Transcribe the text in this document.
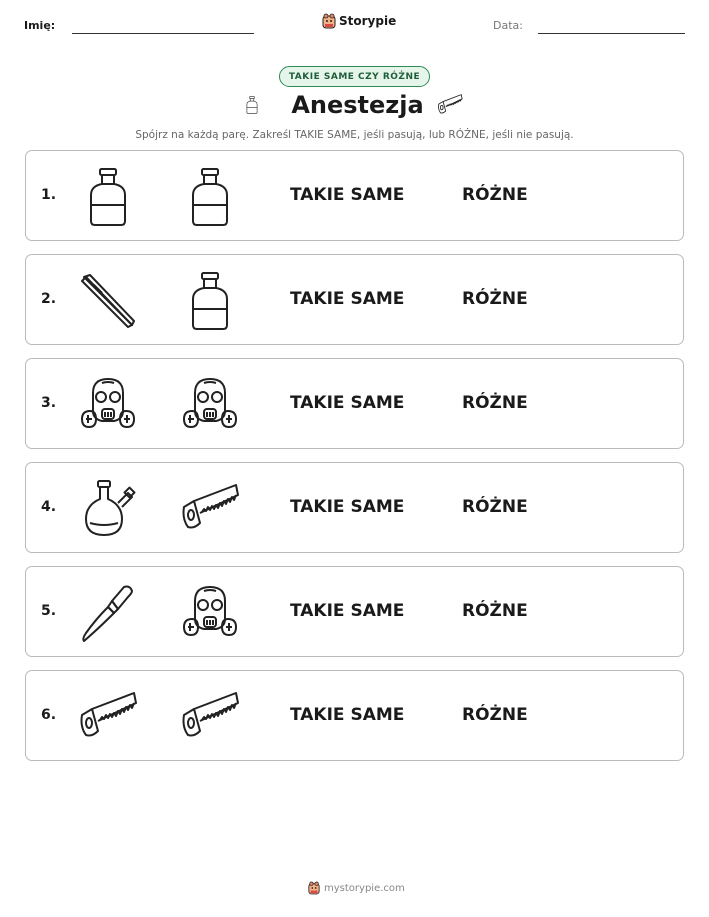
Imię:	Storypie	Data:
TAKIE SAME CZY RÓŻNE
Anestezja
Spójrz na każdą parę. Zakreśl TAKIE SAME, jeśli pasują, lub RÓŻNE, jeśli nie pasują.
1.	TAKIE SAME	RÓŻNE
2.	TAKIE SAME	RÓŻNE
3.	TAKIE SAME	RÓŻNE
4.	TAKIE SAME	RÓŻNE
5.	TAKIE SAME	RÓŻNE
6.	TAKIE SAME	RÓŻNE
mystorypie.com
